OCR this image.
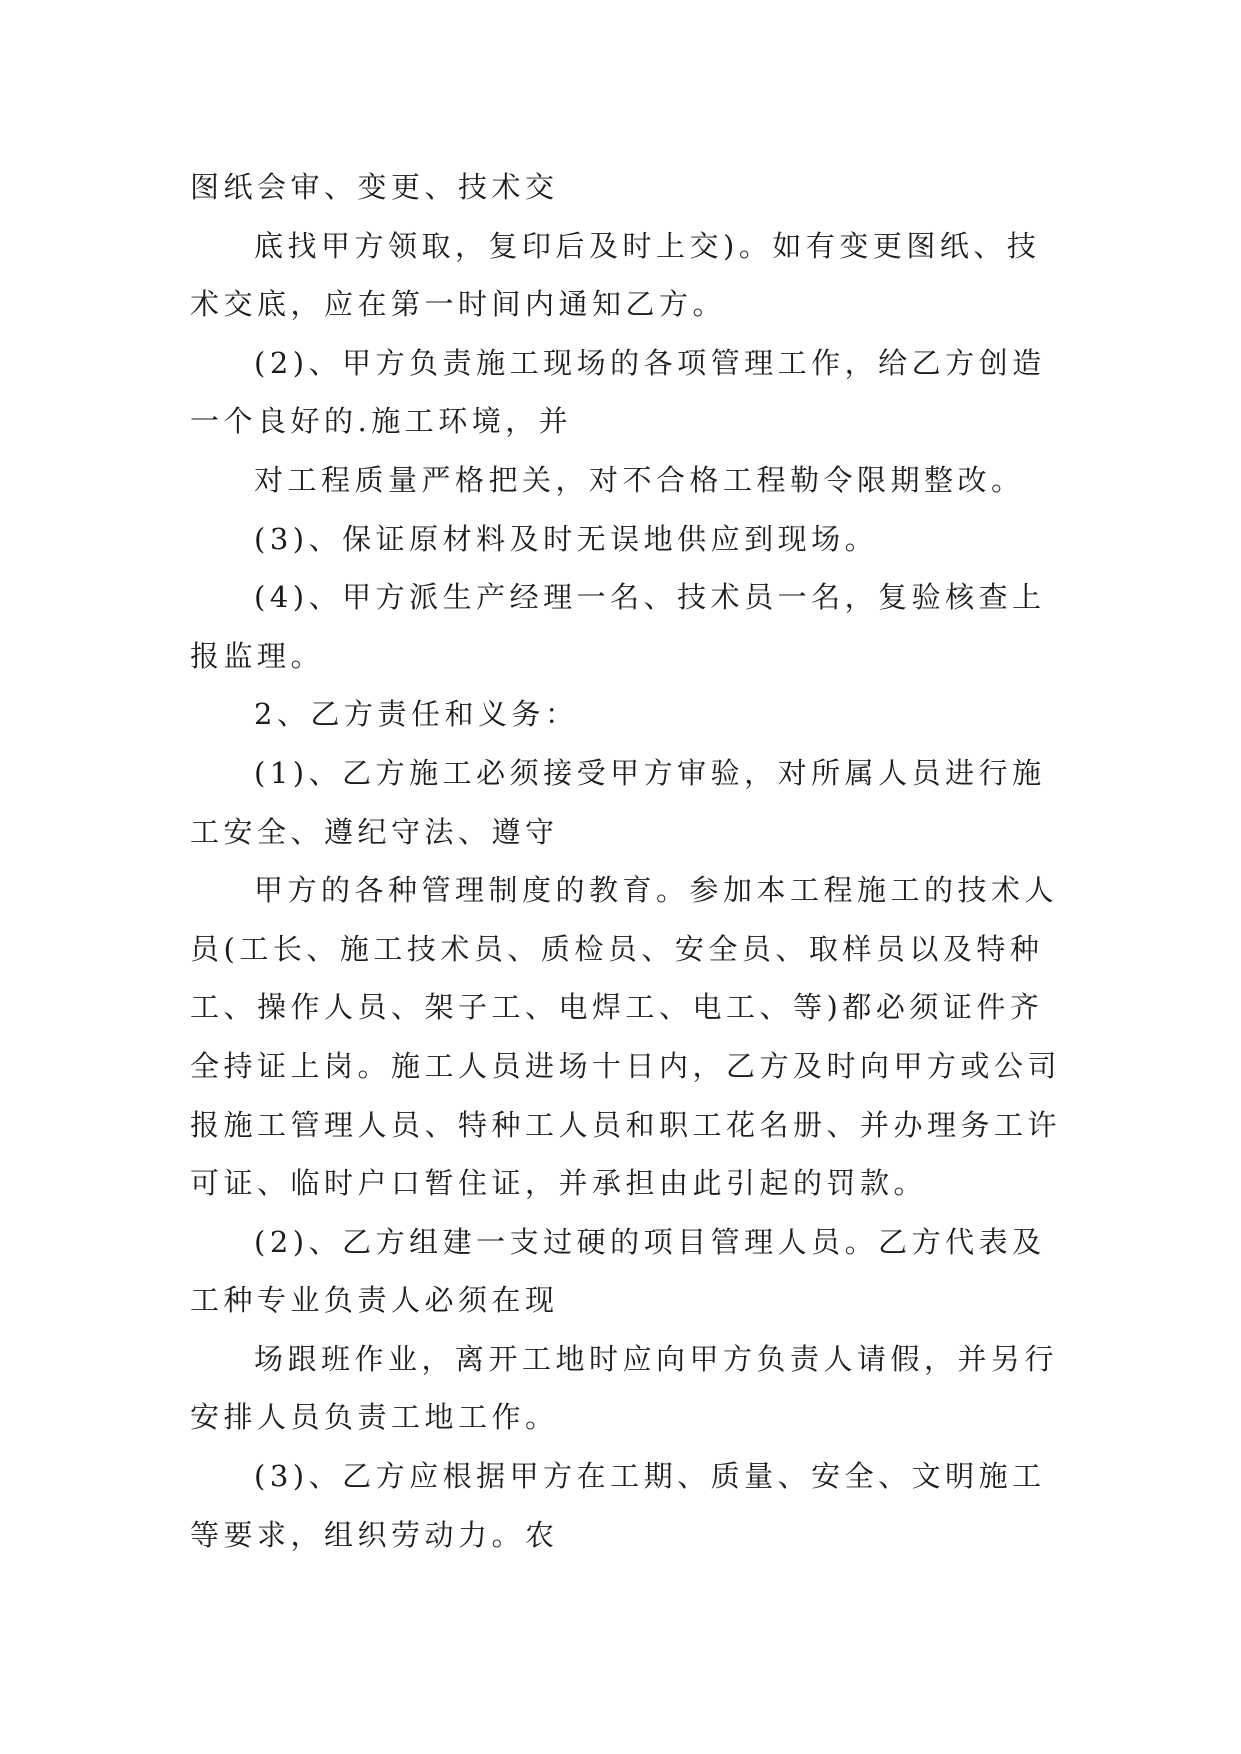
图纸会审、变更、技术交

底找甲方领取，复印后及时上交)。如有变更图纸、技

术交底，应在第一时间内通知乙方。

(2)、甲方负责施工现场的各项管理工作，给乙方创造

一个良好的.施工环境，并

对工程质量严格把关，对不合格工程勒令限期整改。

(3)、保证原材料及时无误地供应到现场。

(4)、甲方派生产经理一名、技术员一名，复验核查上

报监理。

2、乙方责任和义务：

(1)、乙方施工必须接受甲方审验，对所属人员进行施

工安全、遵纪守法、遵守

甲方的各种管理制度的教育。参加本工程施工的技术人

员(工长、施工技术员、质检员、安全员、取样员以及特种

工、操作人员、架子工、电焊工、电工、等)都必须证件齐

全持证上岗。施工人员进场十日内，乙方及时向甲方或公司

报施工管理人员、特种工人员和职工花名册、并办理务工许

可证、临时户口暂住证，并承担由此引起的罚款。

(2)、乙方组建一支过硬的项目管理人员。乙方代表及

工种专业负责人必须在现

场跟班作业，离开工地时应向甲方负责人请假，并另行

安排人员负责工地工作。

(3)、乙方应根据甲方在工期、质量、安全、文明施工

等要求，组织劳动力。农
